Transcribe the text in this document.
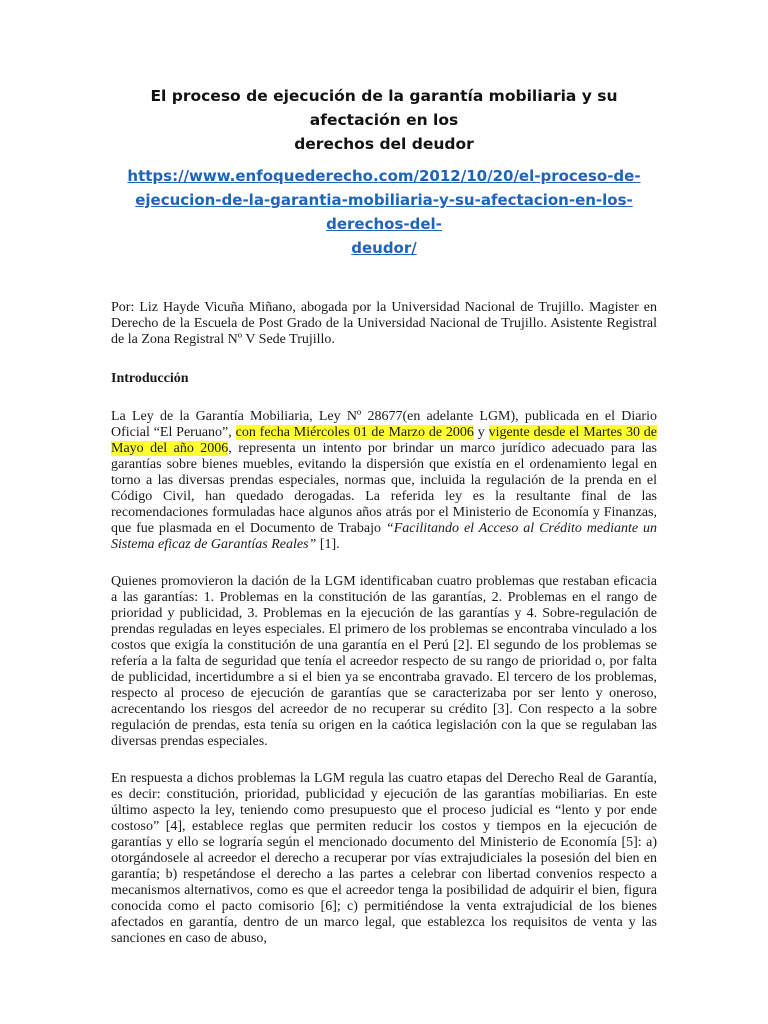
El proceso de ejecución de la garantía mobiliaria y su afectación en los
derechos del deudor
https://www.enfoquederecho.com/2012/10/20/el-proceso-de-
ejecucion-de-la-garantia-mobiliaria-y-su-afectacion-en-los-derechos-del-
deudor/

Por: Liz Hayde Vicuña Miñano, abogada por la Universidad Nacional de Trujillo. Magister en Derecho de la Escuela de Post Grado de la Universidad Nacional de Trujillo. Asistente Registral de la Zona Registral Nº V Sede Trujillo.

Introducción

La Ley de la Garantía Mobiliaria, Ley Nº 28677(en adelante LGM), publicada en el Diario Oficial “El Peruano”, con fecha Miércoles 01 de Marzo de 2006 y vigente desde el Martes 30 de Mayo del año 2006, representa un intento por brindar un marco jurídico adecuado para las garantías sobre bienes muebles, evitando la dispersión que existía en el ordenamiento legal en torno a las diversas prendas especiales, normas que, incluida la regulación de la prenda en el Código Civil, han quedado derogadas. La referida ley es la resultante final de las recomendaciones formuladas hace algunos años atrás por el Ministerio de Economía y Finanzas, que fue plasmada en el Documento de Trabajo “Facilitando el Acceso al Crédito mediante un Sistema eficaz de Garantías Reales” [1].

Quienes promovieron la dación de la LGM identificaban cuatro problemas que restaban eficacia a las garantías: 1. Problemas en la constitución de las garantías, 2. Problemas en el rango de prioridad y publicidad, 3. Problemas en la ejecución de las garantías y 4. Sobre-regulación de prendas reguladas en leyes especiales. El primero de los problemas se encontraba vinculado a los costos que exigía la constitución de una garantía en el Perú [2]. El segundo de los problemas se refería a la falta de seguridad que tenía el acreedor respecto de su rango de prioridad o, por falta de publicidad, incertidumbre a si el bien ya se encontraba gravado. El tercero de los problemas, respecto al proceso de ejecución de garantías que se caracterizaba por ser lento y oneroso, acrecentando los riesgos del acreedor de no recuperar su crédito [3]. Con respecto a la sobre regulación de prendas, esta tenía su origen en la caótica legislación con la que se regulaban las diversas prendas especiales.

En respuesta a dichos problemas la LGM regula las cuatro etapas del Derecho Real de Garantía, es decir: constitución, prioridad, publicidad y ejecución de las garantías mobiliarias. En este último aspecto la ley, teniendo como presupuesto que el proceso judicial es “lento y por ende costoso” [4], establece reglas que permiten reducir los costos y tiempos en la ejecución de garantías y ello se lograría según el mencionado documento del Ministerio de Economía [5]: a) otorgándosele al acreedor el derecho a recuperar por vías extrajudiciales la posesión del bien en garantía; b) respetándose el derecho a las partes a celebrar con libertad convenios respecto a mecanismos alternativos, como es que el acreedor tenga la posibilidad de adquirir el bien, figura conocida como el pacto comisorio [6]; c) permitiéndose la venta extrajudicial de los bienes afectados en garantía, dentro de un marco legal, que establezca los requisitos de venta y las sanciones en caso de abuso,
